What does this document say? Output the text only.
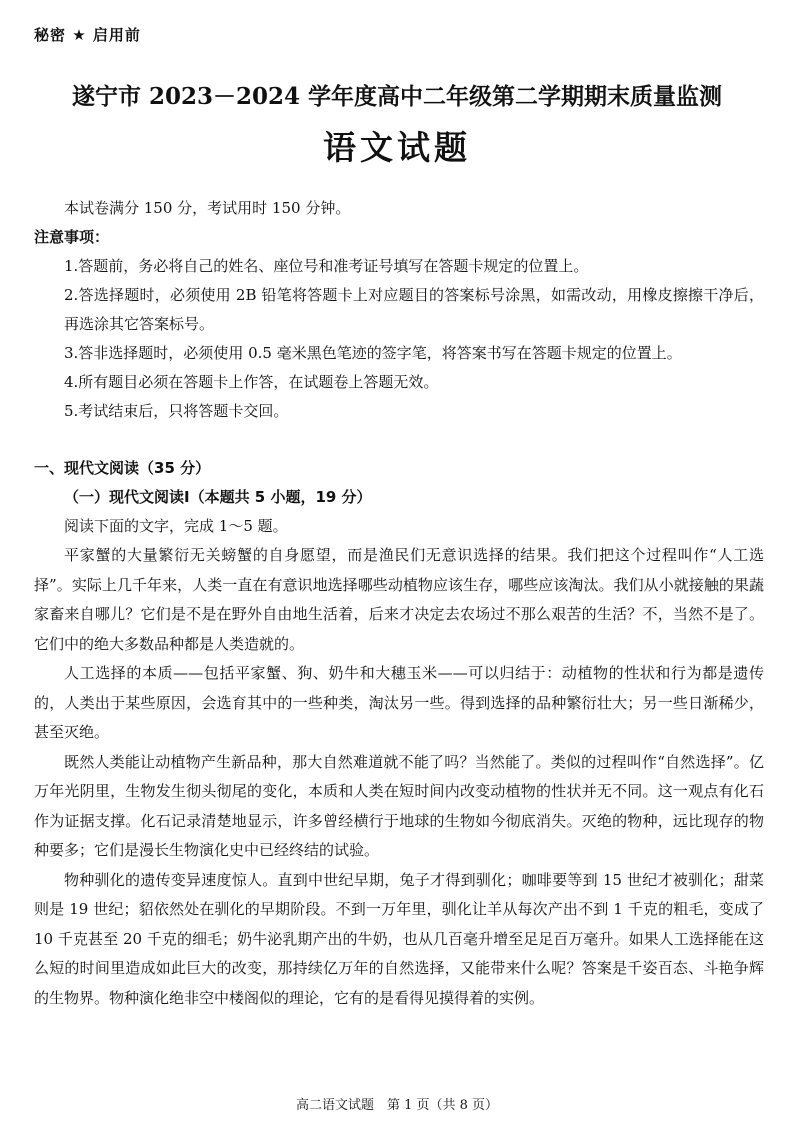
秘密 ★ 启用前
遂宁市 2023－2024 学年度高中二年级第二学期期末质量监测
语文试题

本试卷满分 150 分，考试用时 150 分钟。

注意事项：

1.答题前，务必将自己的姓名、座位号和准考证号填写在答题卡规定的位置上。

2.答选择题时，必须使用 2B 铅笔将答题卡上对应题目的答案标号涂黑，如需改动，用橡皮擦擦干净后，再选涂其它答案标号。

3.答非选择题时，必须使用 0.5 毫米黑色笔迹的签字笔，将答案书写在答题卡规定的位置上。

4.所有题目必须在答题卡上作答，在试题卷上答题无效。

5.考试结束后，只将答题卡交回。

一、现代文阅读（35 分）

（一）现代文阅读Ⅰ（本题共 5 小题，19 分）

阅读下面的文字，完成 1～5 题。

平家蟹的大量繁衍无关螃蟹的自身愿望，而是渔民们无意识选择的结果。我们把这个过程叫作“人工选择”。实际上几千年来，人类一直在有意识地选择哪些动植物应该生存，哪些应该淘汰。我们从小就接触的果蔬家畜来自哪儿？它们是不是在野外自由地生活着，后来才决定去农场过不那么艰苦的生活？不，当然不是了。它们中的绝大多数品种都是人类造就的。

人工选择的本质——包括平家蟹、狗、奶牛和大穗玉米——可以归结于：动植物的性状和行为都是遗传的，人类出于某些原因，会选育其中的一些种类，淘汰另一些。得到选择的品种繁衍壮大；另一些日渐稀少，甚至灭绝。

既然人类能让动植物产生新品种，那大自然难道就不能了吗？当然能了。类似的过程叫作“自然选择”。亿万年光阴里，生物发生彻头彻尾的变化，本质和人类在短时间内改变动植物的性状并无不同。这一观点有化石作为证据支撑。化石记录清楚地显示，许多曾经横行于地球的生物如今彻底消失。灭绝的物种，远比现存的物种要多；它们是漫长生物演化史中已经终结的试验。

物种驯化的遗传变异速度惊人。直到中世纪早期，兔子才得到驯化；咖啡要等到 15 世纪才被驯化；甜菜则是 19 世纪；貂依然处在驯化的早期阶段。不到一万年里，驯化让羊从每次产出不到 1 千克的粗毛，变成了 10 千克甚至 20 千克的细毛；奶牛泌乳期产出的牛奶，也从几百毫升增至足足百万毫升。如果人工选择能在这么短的时间里造成如此巨大的改变，那持续亿万年的自然选择，又能带来什么呢？答案是千姿百态、斗艳争辉的生物界。物种演化绝非空中楼阁似的理论，它有的是看得见摸得着的实例。

高二语文试题　第 1 页（共 8 页）
